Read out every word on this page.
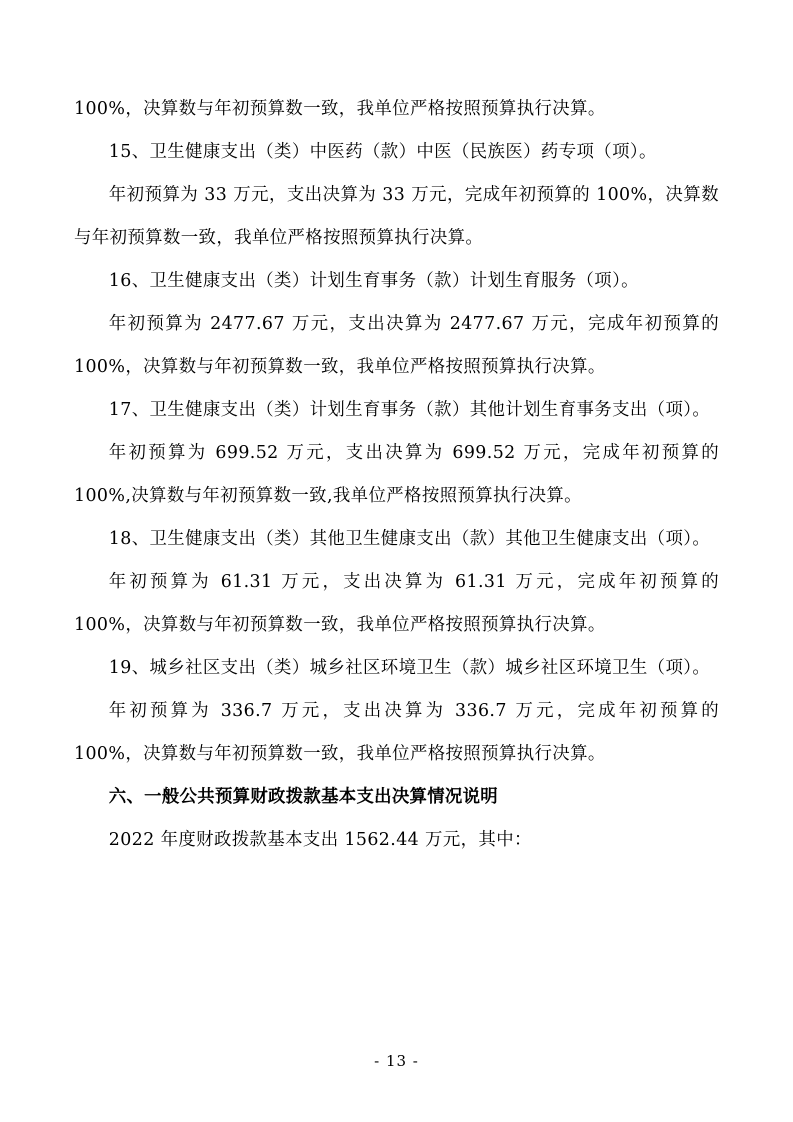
100%，决算数与年初预算数一致，我单位严格按照预算执行决算。

15、卫生健康支出（类）中医药（款）中医（民族医）药专项（项）。

年初预算为 33 万元，支出决算为 33 万元，完成年初预算的 100%，决算数与年初预算数一致，我单位严格按照预算执行决算。

16、卫生健康支出（类）计划生育事务（款）计划生育服务（项）。

年初预算为 2477.67 万元，支出决算为 2477.67 万元，完成年初预算的 100%，决算数与年初预算数一致，我单位严格按照预算执行决算。

17、卫生健康支出（类）计划生育事务（款）其他计划生育事务支出（项）。

年初预算为 699.52 万元，支出决算为 699.52 万元，完成年初预算的 100%,决算数与年初预算数一致,我单位严格按照预算执行决算。

18、卫生健康支出（类）其他卫生健康支出（款）其他卫生健康支出（项）。

年初预算为 61.31 万元，支出决算为 61.31 万元，完成年初预算的 100%，决算数与年初预算数一致，我单位严格按照预算执行决算。

19、城乡社区支出（类）城乡社区环境卫生（款）城乡社区环境卫生（项）。

年初预算为 336.7 万元，支出决算为 336.7 万元，完成年初预算的 100%，决算数与年初预算数一致，我单位严格按照预算执行决算。

六、一般公共预算财政拨款基本支出决算情况说明

2022 年度财政拨款基本支出 1562.44 万元，其中：

- 13 -
